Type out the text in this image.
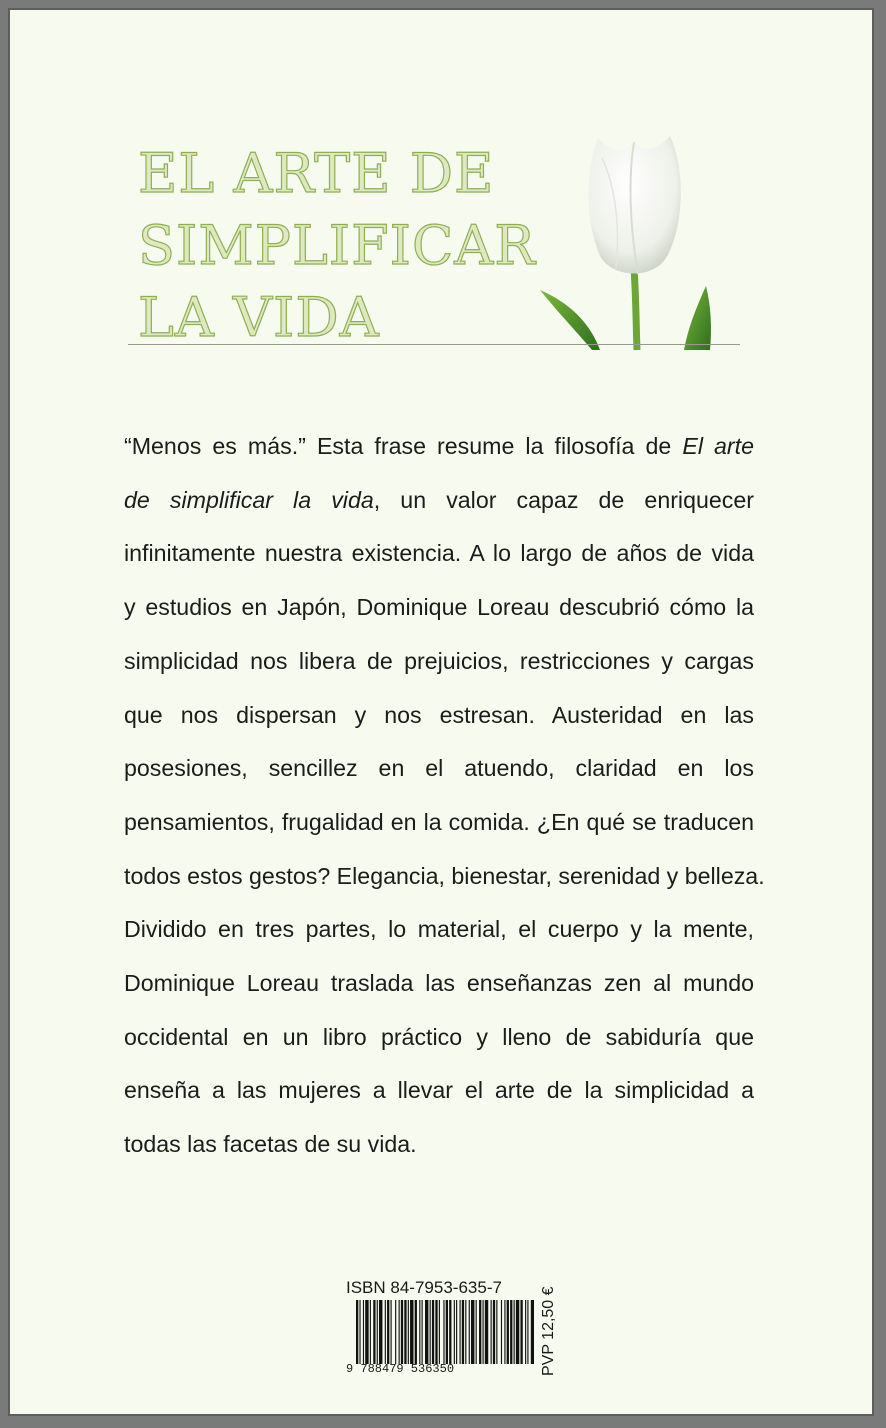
EL ARTE DE
SIMPLIFICAR
LA VIDA

“Menos es más.” Esta frase resume la filosofía de El arte
de simplificar la vida, un valor capaz de enriquecer
infinitamente nuestra existencia. A lo largo de años de vida
y estudios en Japón, Dominique Loreau descubrió cómo la
simplicidad nos libera de prejuicios, restricciones y cargas
que nos dispersan y nos estresan. Austeridad en las
posesiones, sencillez en el atuendo, claridad en los
pensamientos, frugalidad en la comida. ¿En qué se traducen
todos estos gestos? Elegancia, bienestar, serenidad y belleza.
Dividido en tres partes, lo material, el cuerpo y la mente,
Dominique Loreau traslada las enseñanzas zen al mundo
occidental en un libro práctico y lleno de sabiduría que
enseña a las mujeres a llevar el arte de la simplicidad a
todas las facetas de su vida.

ISBN 84-7953-635-7
9 788479 536350	PVP 12,50 €
